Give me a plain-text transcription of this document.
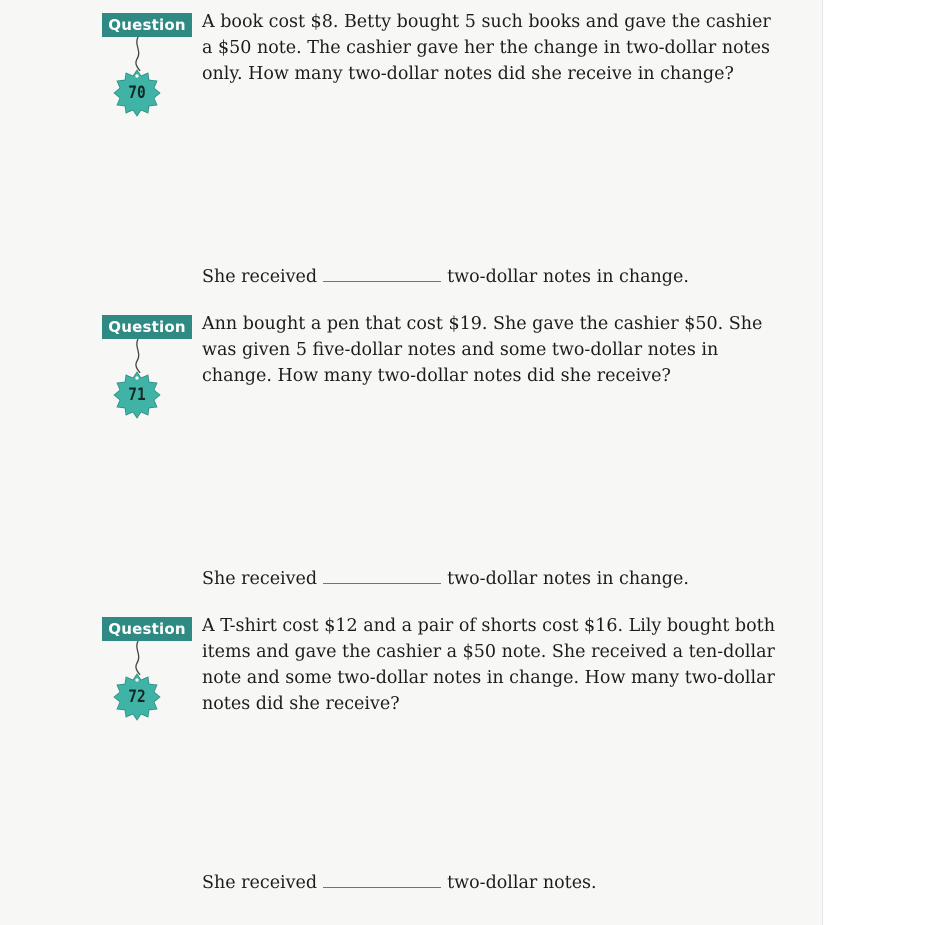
Question
70

A book cost $8. Betty bought 5 such books and gave the cashier a $50 note. The cashier gave her the change in two-dollar notes only. How many two-dollar notes did she receive in change?

She received	two-dollar notes in change.
Question
71

Ann bought a pen that cost $19. She gave the cashier $50. She was given 5 five-dollar notes and some two-dollar notes in change. How many two-dollar notes did she receive?

She received	two-dollar notes in change.
Question
72

A T-shirt cost $12 and a pair of shorts cost $16. Lily bought both items and gave the cashier a $50 note. She received a ten-dollar note and some two-dollar notes in change. How many two-dollar notes did she receive?

She received	two-dollar notes.
